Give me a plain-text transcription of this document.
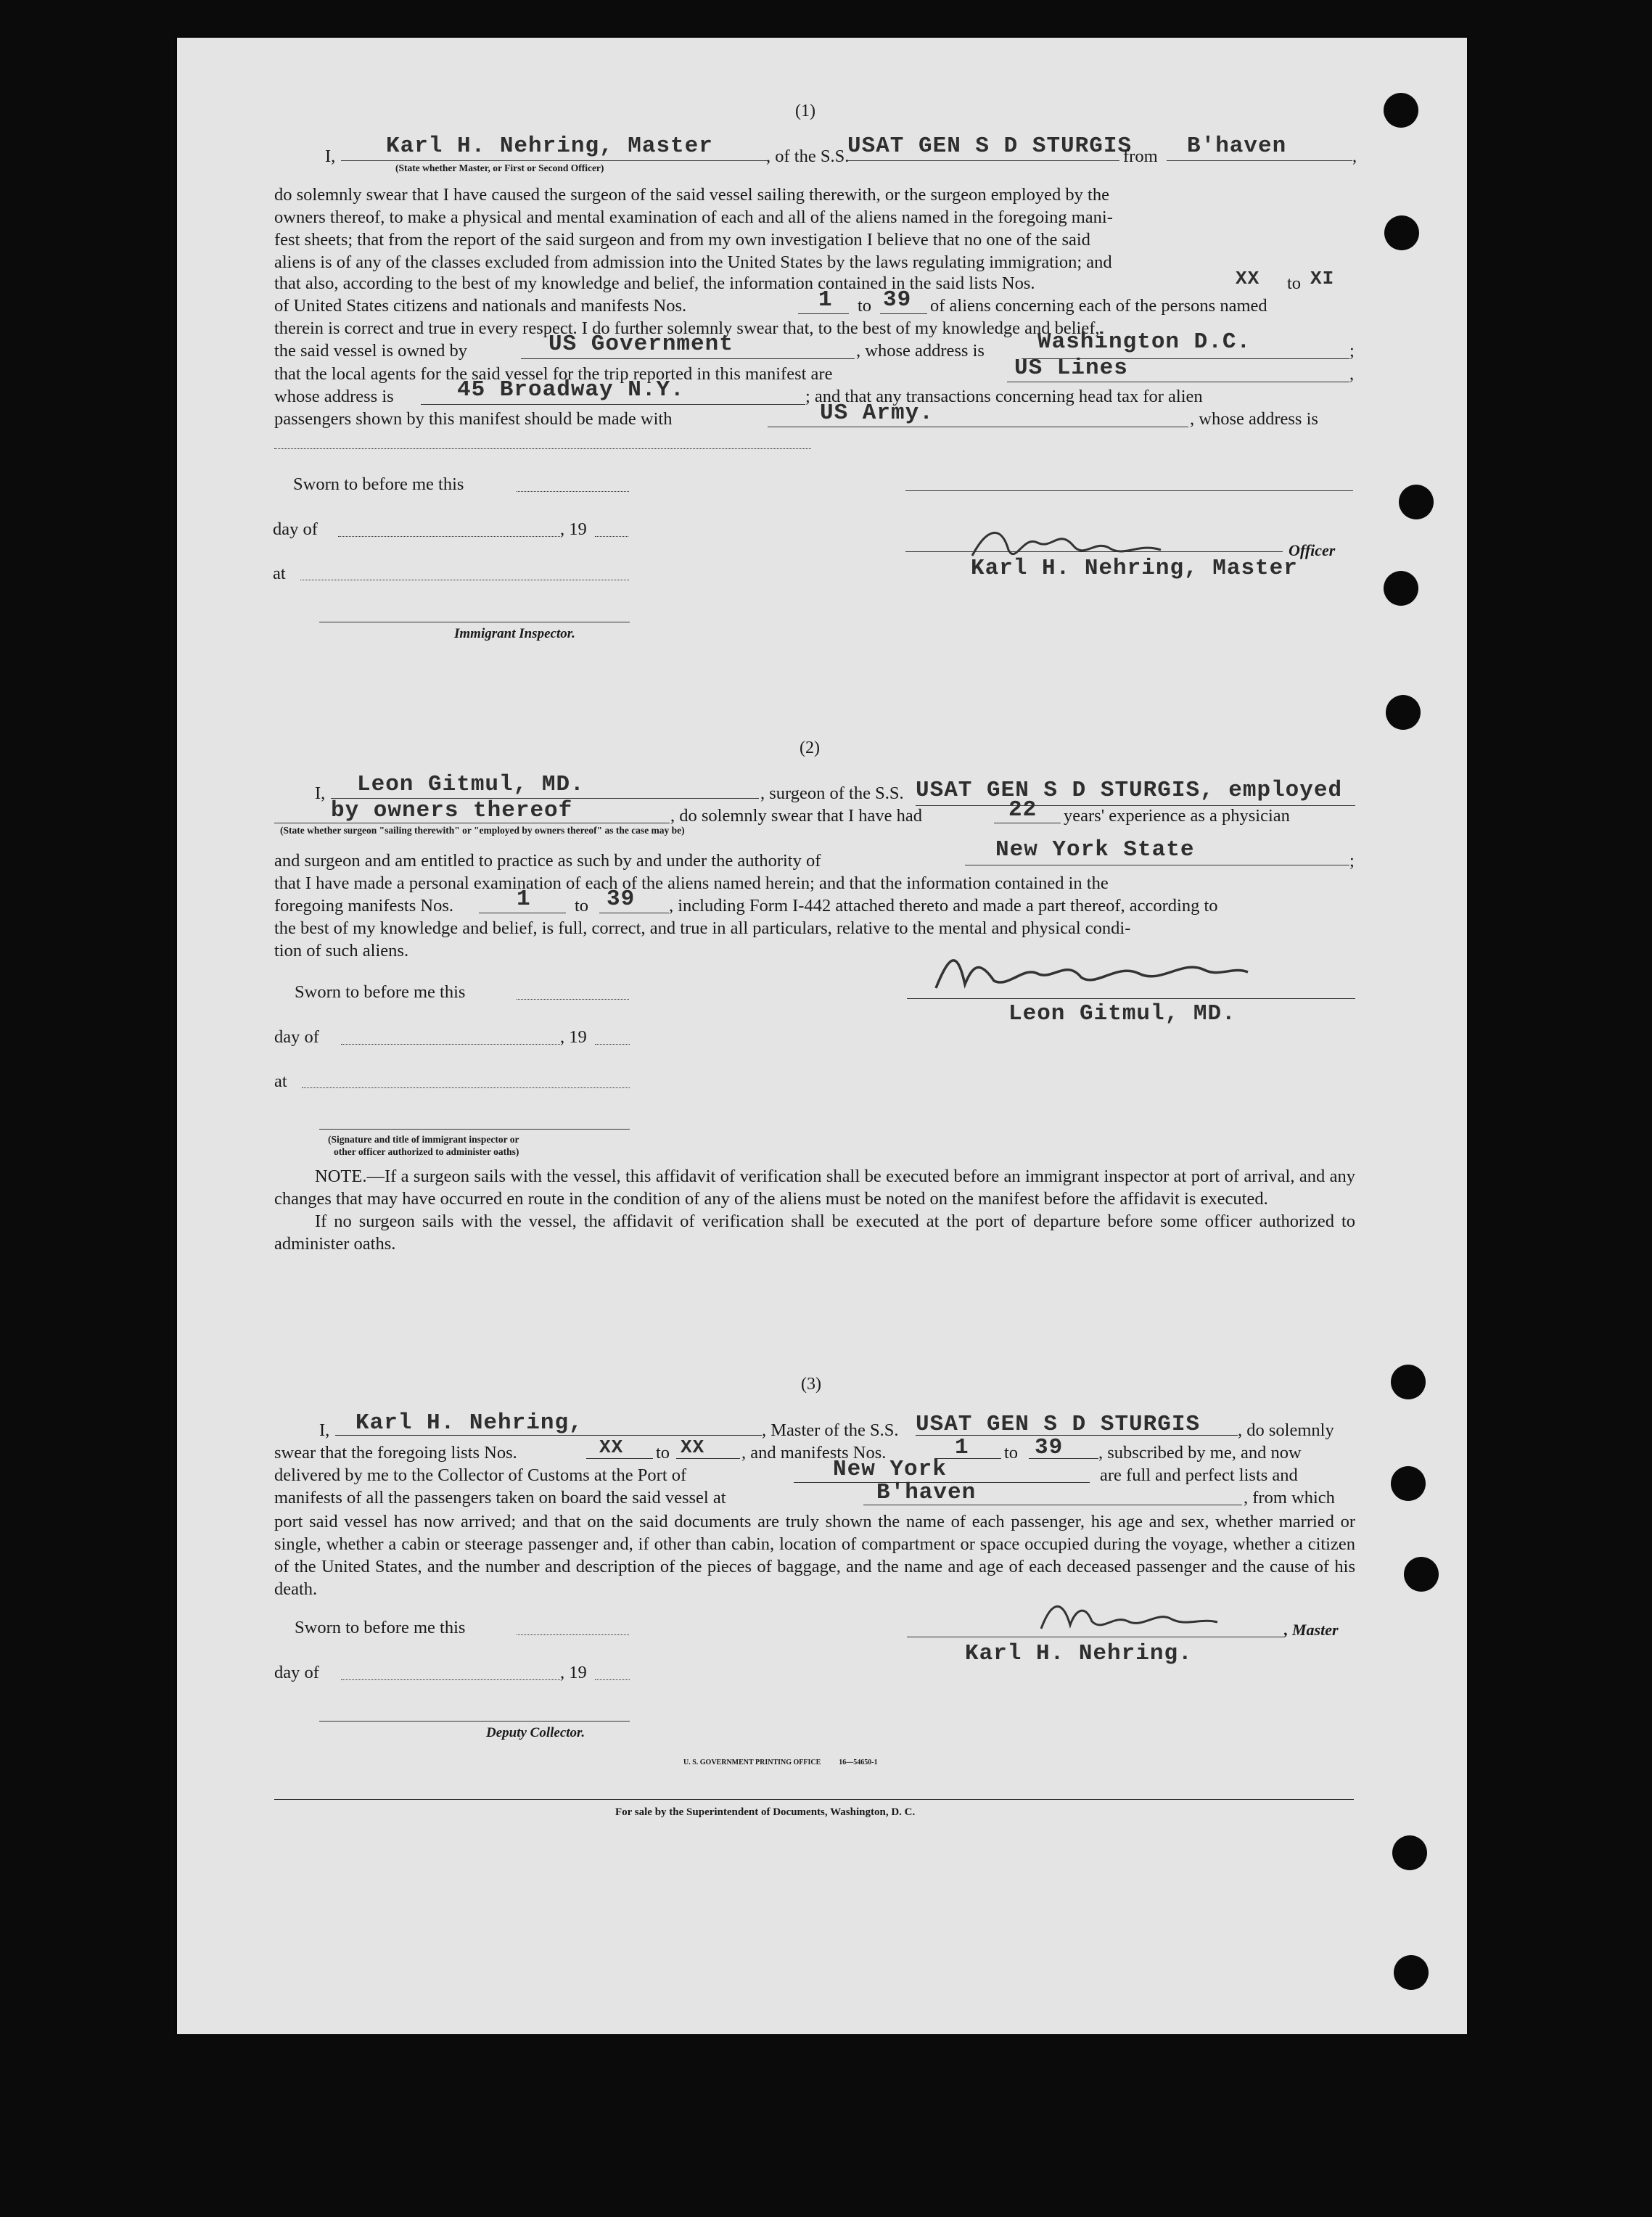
(1)
I, Karl H. Nehring, Master
(State whether Master, or First or Second Officer)
, of the S.S.
USAT GEN S D STURGIS
from B'haven	,

do solemnly swear that I have caused the surgeon of the said vessel sailing therewith, or the surgeon employed by the

owners thereof, to make a physical and mental examination of each and all of the aliens named in the foregoing mani-

fest sheets; that from the report of the said surgeon and from my own investigation I believe that no one of the said

aliens is of any of the classes excluded from admission into the United States by the laws regulating immigration; and

that also, according to the best of my knowledge and belief, the information contained in the said lists Nos.	XX to XI
of United States citizens and nationals and manifests Nos.	1 to 39 of aliens concerning each of the persons named
therein is correct and true in every respect. I do further solemnly swear that, to the best of my knowledge and belief,
the said vessel is owned by	US Government	, whose address is Washington D.C.	;
that the local agents for the said vessel for the trip reported in this manifest are	US Lines	,
whose address is	45 Broadway N.Y.	; and that any transactions concerning head tax for alien
passengers shown by this manifest should be made with	US Army.	, whose address is
Sworn to before me this
day of	, 19
at
Immigrant Inspector.
Officer
Karl H. Nehring, Master
(2)
I, Leon Gitmul, MD.	, surgeon of the S.S. USAT GEN S D STURGIS, employed
by owners thereof
(State whether surgeon "sailing therewith" or "employed by owners thereof" as the case may be)
, do solemnly swear that I have had	22 years' experience as a physician
and surgeon and am entitled to practice as such by and under the authority of	New York State	;
that I have made a personal examination of each of the aliens named herein; and that the information contained in the
foregoing manifests Nos.	1 to 39 , including Form I-442 attached thereto and made a part thereof, according to
the best of my knowledge and belief, is full, correct, and true in all particulars, relative to the mental and physical condi-
tion of such aliens.
Sworn to before me this
day of	, 19
at
(Signature and title of immigrant inspector or
other officer authorized to administer oaths)
Leon Gitmul, MD.

NOTE.—If a surgeon sails with the vessel, this affidavit of verification shall be executed before an immigrant inspector at port of arrival, and any changes that may have occurred en route in the condition of any of the aliens must be noted on the manifest before the affidavit is executed.

If no surgeon sails with the vessel, the affidavit of verification shall be executed at the port of departure before some officer authorized to administer oaths.

(3)
I, Karl H. Nehring,	, Master of the S.S. USAT GEN S D STURGIS , do solemnly
swear that the foregoing lists Nos.	XX to XX , and manifests Nos.	1 to 39 , subscribed by me, and now
delivered by me to the Collector of Customs at the Port of	New York	are full and perfect lists and
manifests of all the passengers taken on board the said vessel at	B'haven	, from which

port said vessel has now arrived; and that on the said documents are truly shown the name of each passenger, his age and sex, whether married or single, whether a cabin or steerage passenger and, if other than cabin, location of compartment or space occupied during the voyage, whether a citizen of the United States, and the number and description of the pieces of baggage, and the name and age of each deceased passenger and the cause of his death.

Sworn to before me this
day of	, 19
Deputy Collector.
, Master
Karl H. Nehring.
U. S. GOVERNMENT PRINTING OFFICE          16—54650-1
For sale by the Superintendent of Documents, Washington, D. C.
